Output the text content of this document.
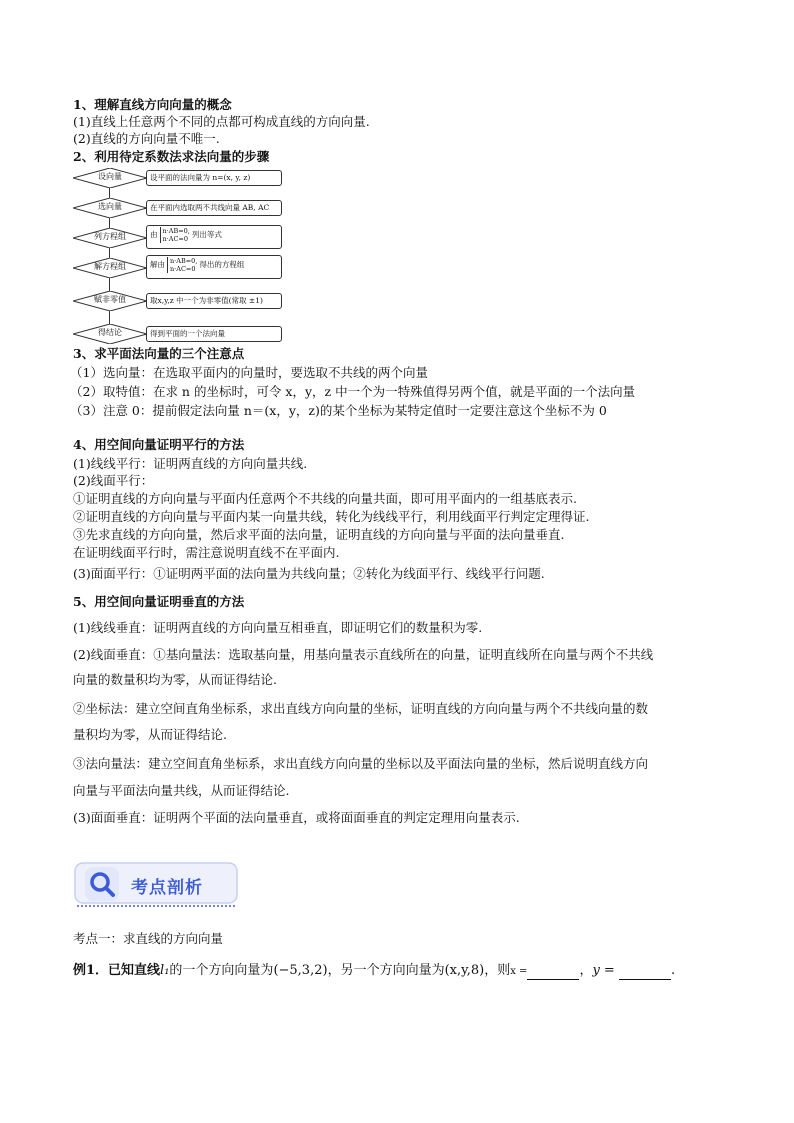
1、理解直线方向向量的概念
(1)直线上任意两个不同的点都可构成直线的方向向量.
(2)直线的方向向量不唯一.
2、利用待定系数法求法向量的步骤
设向量	设平面的法向量为 n=(x, y, z)
选向量	在平面内选取两不共线向量 AB, AC
列方程组	由 n·AB=0,
n·AC=0 列出等式
解方程组	解由 n·AB=0,
n·AC=0 得出的方程组
赋非零值	取x,y,z 中一个为非零值(常取 ±1)
得结论	得到平面的一个法向量
3、求平面法向量的三个注意点
（1）选向量：在选取平面内的向量时，要选取不共线的两个向量
（2）取特值：在求 n 的坐标时，可令 x，y，z 中一个为一特殊值得另两个值，就是平面的一个法向量
（3）注意 0：提前假定法向量 n＝(x，y，z)的某个坐标为某特定值时一定要注意这个坐标不为 0
4、用空间向量证明平行的方法
(1)线线平行：证明两直线的方向向量共线.
(2)线面平行：
①证明直线的方向向量与平面内任意两个不共线的向量共面，即可用平面内的一组基底表示.
②证明直线的方向向量与平面内某一向量共线，转化为线线平行，利用线面平行判定定理得证.
③先求直线的方向向量，然后求平面的法向量，证明直线的方向向量与平面的法向量垂直.
在证明线面平行时，需注意说明直线不在平面内.
(3)面面平行：①证明两平面的法向量为共线向量；②转化为线面平行、线线平行问题.
5、用空间向量证明垂直的方法
(1)线线垂直：证明两直线的方向向量互相垂直，即证明它们的数量积为零.
(2)线面垂直：①基向量法：选取基向量，用基向量表示直线所在的向量，证明直线所在向量与两个不共线
向量的数量积均为零，从而证得结论.
②坐标法：建立空间直角坐标系，求出直线方向向量的坐标，证明直线的方向向量与两个不共线向量的数
量积均为零，从而证得结论.
③法向量法：建立空间直角坐标系，求出直线方向向量的坐标以及平面法向量的坐标，然后说明直线方向
向量与平面法向量共线，从而证得结论.
(3)面面垂直：证明两个平面的法向量垂直，或将面面垂直的判定定理用向量表示.
考点剖析
考点一：求直线的方向向量
例1．已知直线l₁的一个方向向量为(−5,3,2)，另一个方向向量为(x,y,8)，则x =	，y =	.
